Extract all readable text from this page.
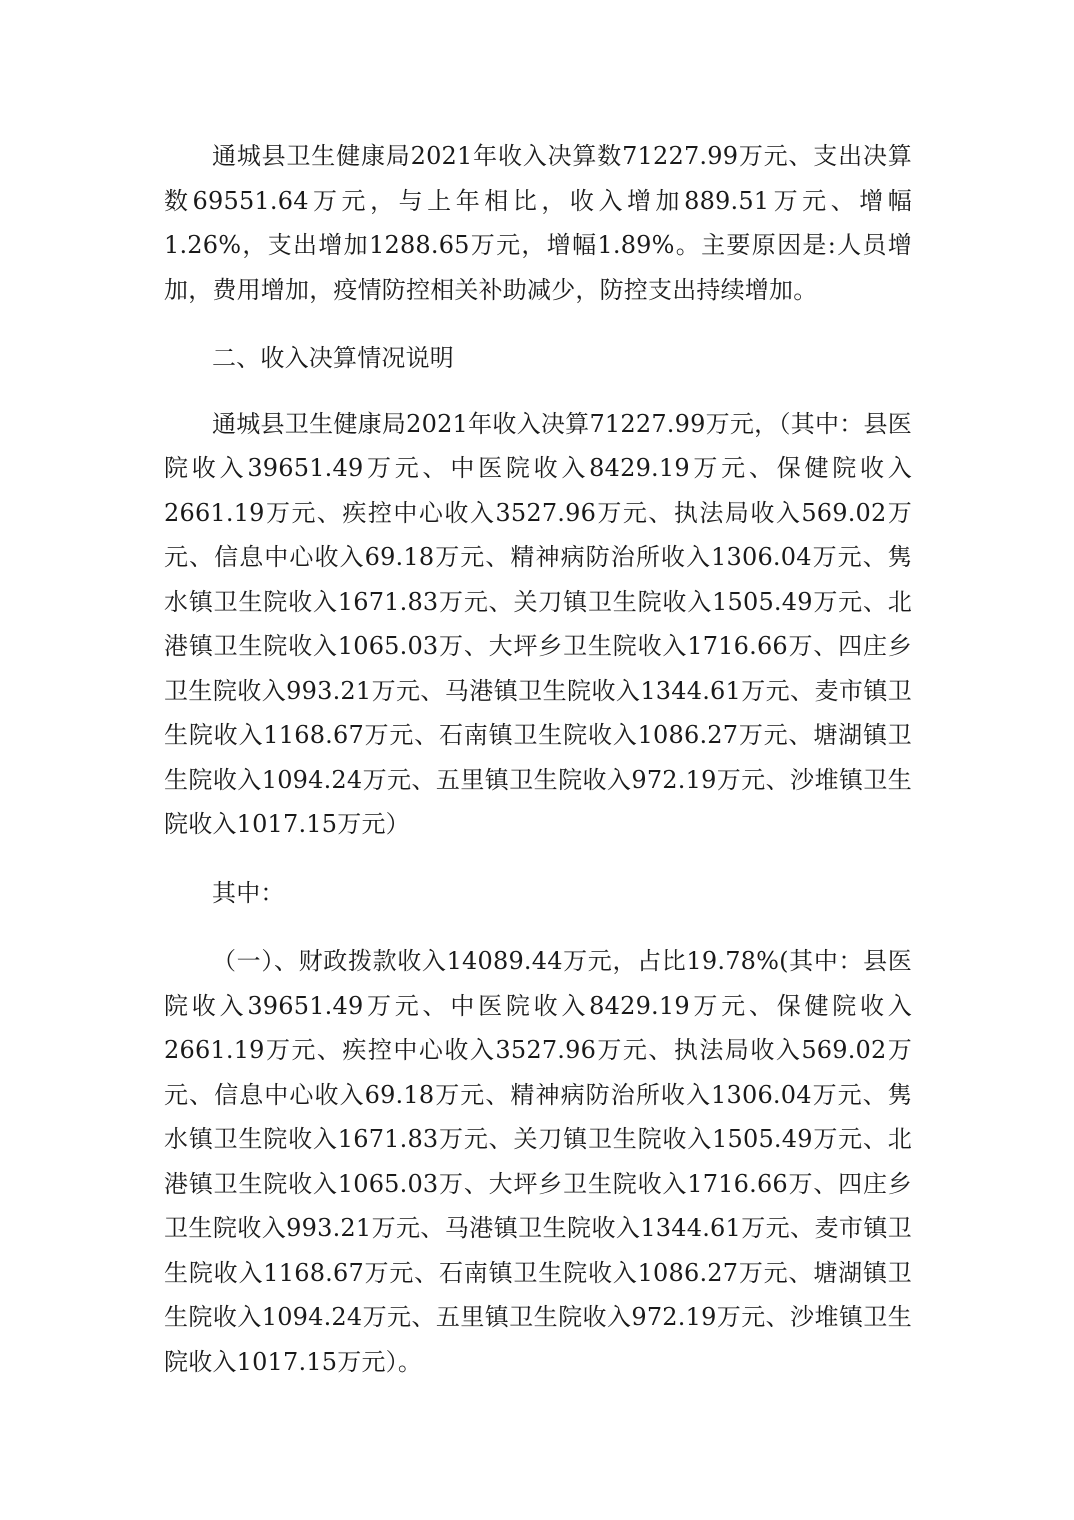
通城县卫生健康局2021年收入决算数71227.99万元、支出决算数69551.64万元，与上年相比，收入增加889.51万元、增幅1.26%，支出增加1288.65万元，增幅1.89%。主要原因是:人员增加，费用增加，疫情防控相关补助减少，防控支出持续增加。

二、收入决算情况说明

通城县卫生健康局2021年收入决算71227.99万元，（其中：县医院收入39651.49万元、中医院收入8429.19万元、保健院收入2661.19万元、疾控中心收入3527.96万元、执法局收入569.02万元、信息中心收入69.18万元、精神病防治所收入1306.04万元、隽水镇卫生院收入1671.83万元、关刀镇卫生院收入1505.49万元、北港镇卫生院收入1065.03万、大坪乡卫生院收入1716.66万、四庄乡卫生院收入993.21万元、马港镇卫生院收入1344.61万元、麦市镇卫生院收入1168.67万元、石南镇卫生院收入1086.27万元、塘湖镇卫生院收入1094.24万元、五里镇卫生院收入972.19万元、沙堆镇卫生院收入1017.15万元）

其中：

（一）、财政拨款收入14089.44万元，占比19.78%(其中：县医院收入39651.49万元、中医院收入8429.19万元、保健院收入2661.19万元、疾控中心收入3527.96万元、执法局收入569.02万元、信息中心收入69.18万元、精神病防治所收入1306.04万元、隽水镇卫生院收入1671.83万元、关刀镇卫生院收入1505.49万元、北港镇卫生院收入1065.03万、大坪乡卫生院收入1716.66万、四庄乡卫生院收入993.21万元、马港镇卫生院收入1344.61万元、麦市镇卫生院收入1168.67万元、石南镇卫生院收入1086.27万元、塘湖镇卫生院收入1094.24万元、五里镇卫生院收入972.19万元、沙堆镇卫生院收入1017.15万元）。
